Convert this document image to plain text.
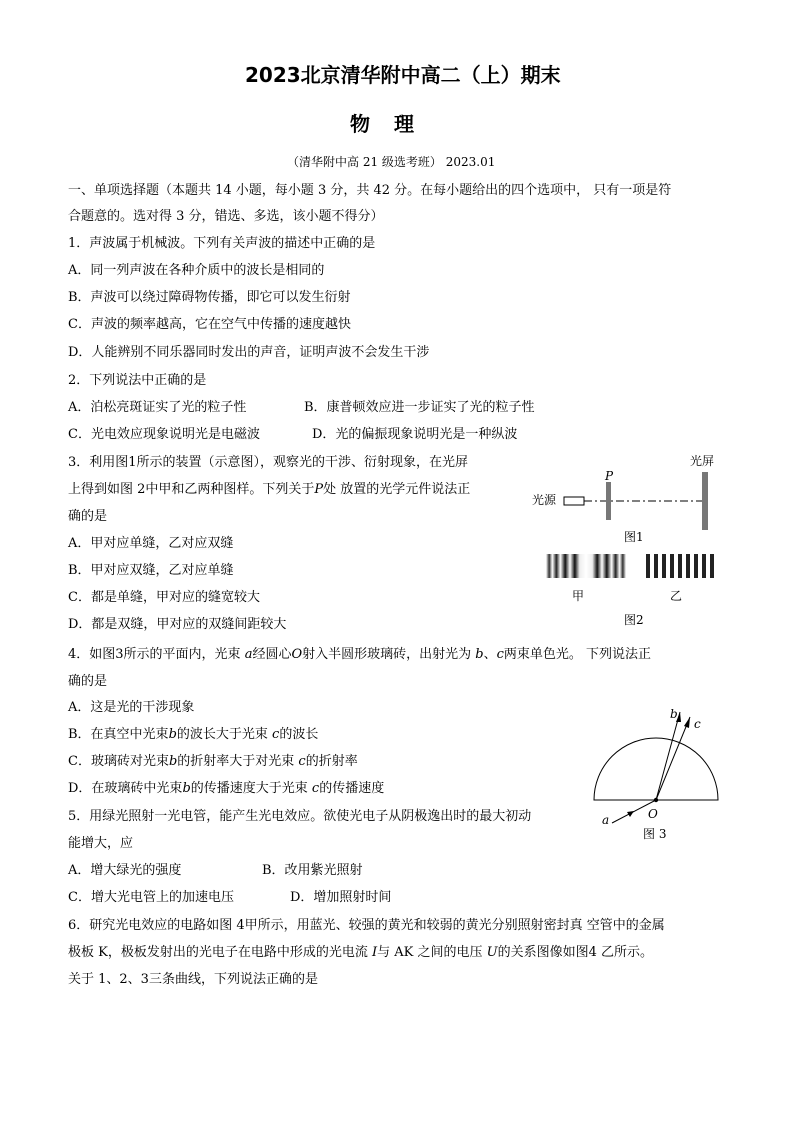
2023北京清华附中高二（上）期末
物理
（清华附中高 21 级选考班） 2023.01
一、单项选择题（本题共 14 小题，每小题 3 分，共 42 分。在每小题给出的四个选项中， 只有一项是符
合题意的。选对得 3 分，错选、多选，该小题不得分）
1．声波属于机械波。下列有关声波的描述中正确的是
A．同一列声波在各种介质中的波长是相同的
B．声波可以绕过障碍物传播，即它可以发生衍射
C．声波的频率越高，它在空气中传播的速度越快
D．人能辨别不同乐器同时发出的声音，证明声波不会发生干涉
2．下列说法中正确的是
A．泊松亮斑证实了光的粒子性	B．康普顿效应进一步证实了光的粒子性
C．光电效应现象说明光是电磁波	D．光的偏振现象说明光是一种纵波
3．利用图1所示的装置（示意图），观察光的干涉、衍射现象，在光屏
上得到如图 2中甲和乙两种图样。下列关于P处 放置的光学元件说法正
确的是
A．甲对应单缝，乙对应双缝
B．甲对应双缝，乙对应单缝
C．都是单缝，甲对应的缝宽较大
D．都是双缝，甲对应的双缝间距较大
光源
P
光屏
图1
甲	乙
图2
4．如图3所示的平面内，光束 a经圆心O射入半圆形玻璃砖，出射光为 b、c两束单色光。 下列说法正
确的是
A．这是光的干涉现象
B．在真空中光束b的波长大于光束 c的波长
C．玻璃砖对光束b的折射率大于对光束 c的折射率
D．在玻璃砖中光束b的传播速度大于光束 c的传播速度
b
c
O
a
图 3
5．用绿光照射一光电管，能产生光电效应。欲使光电子从阴极逸出时的最大初动
能增大，应
A．增大绿光的强度	B．改用紫光照射
C．增大光电管上的加速电压	D．增加照射时间
6．研究光电效应的电路如图 4甲所示，用蓝光、较强的黄光和较弱的黄光分别照射密封真 空管中的金属
极板 K，极板发射出的光电子在电路中形成的光电流 I与 AK 之间的电压 U的关系图像如图4 乙所示。
关于 1、2、3三条曲线，下列说法正确的是
